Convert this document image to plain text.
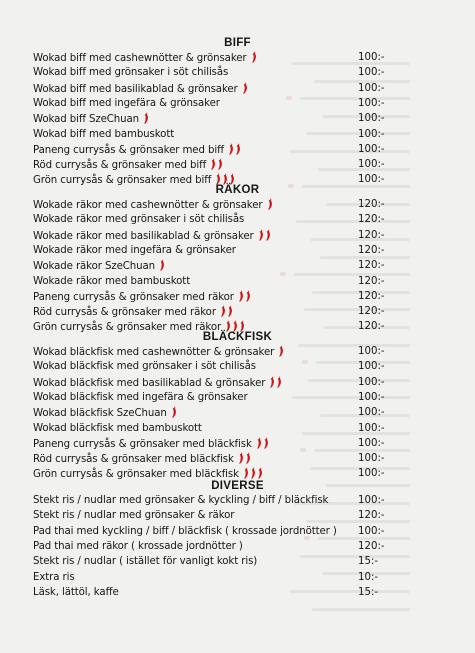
BIFF
Wokad biff med cashewnötter & grönsaker	100:-
Wokad biff med grönsaker i söt chilisås	100:-
Wokad biff med basilikablad & grönsaker	100:-
Wokad biff med ingefära & grönsaker	100:-
Wokad biff SzeChuan	100:-
Wokad biff med bambuskott	100:-
Paneng currysås & grönsaker med biff	100:-
Röd currysås & grönsaker med biff	100:-
Grön currysås & grönsaker med biff	100:-
RÄKOR
Wokade räkor med cashewnötter & grönsaker	120:-
Wokade räkor med grönsaker i söt chilisås	120:-
Wokade räkor med basilikablad & grönsaker	120:-
Wokade räkor med ingefära & grönsaker	120:-
Wokade räkor SzeChuan	120:-
Wokade räkor med bambuskott	120:-
Paneng currysås & grönsaker med räkor	120:-
Röd currysås & grönsaker med räkor	120:-
Grön currysås & grönsaker med räkor	120:-
BLÄCKFISK
Wokad bläckfisk med cashewnötter & grönsaker	100:-
Wokad bläckfisk med grönsaker i söt chilisås	100:-
Wokad bläckfisk med basilikablad & grönsaker	100:-
Wokad bläckfisk med ingefära & grönsaker	100:-
Wokad bläckfisk SzeChuan	100:-
Wokad bläckfisk med bambuskott	100:-
Paneng currysås & grönsaker med bläckfisk	100:-
Röd currysås & grönsaker med bläckfisk	100:-
Grön currysås & grönsaker med bläckfisk	100:-
DIVERSE
Stekt ris / nudlar med grönsaker & kyckling / biff / bläckfisk	100:-
Stekt ris / nudlar med grönsaker & räkor	120:-
Pad thai med kyckling / biff / bläckfisk ( krossade jordnötter ) 100:-
Pad thai med räkor ( krossade jordnötter )	120:-
Stekt ris / nudlar ( istället för vanligt kokt ris)	15:-
Extra ris	10:-
Läsk, lättöl, kaffe	15:-
